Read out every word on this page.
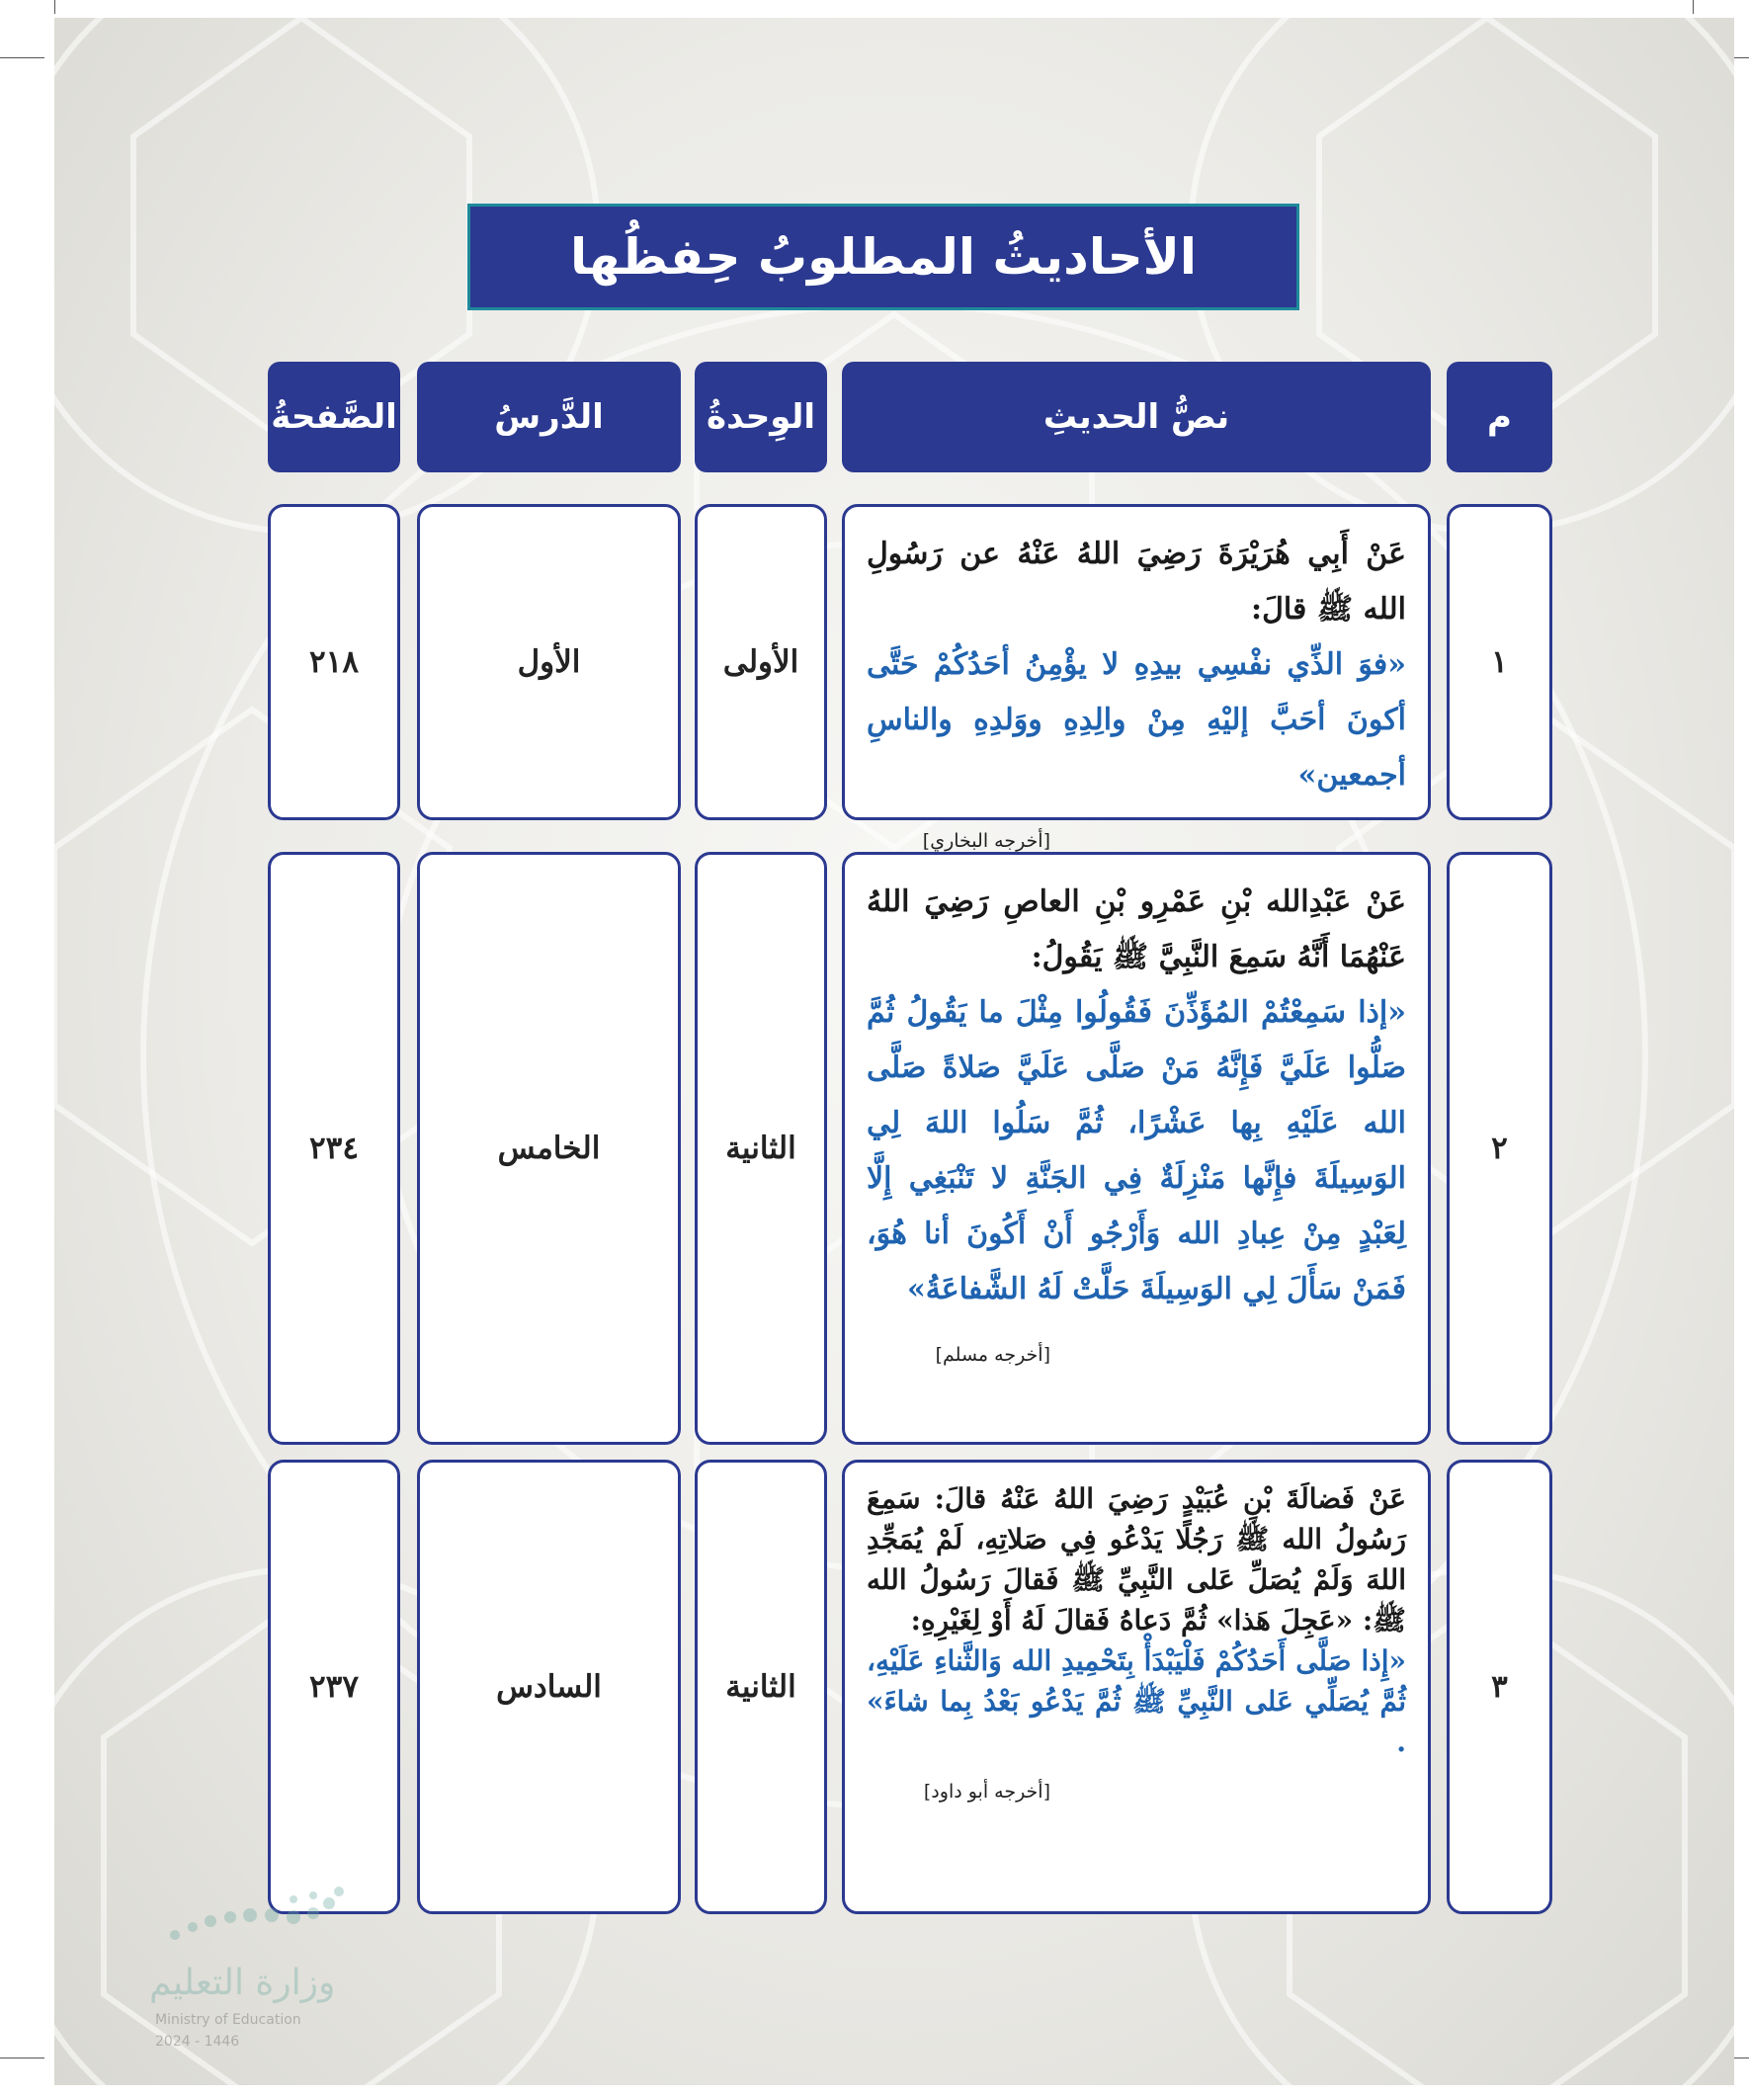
الأحاديثُ المطلوبُ حِفظُها
م
نصُّ الحديثِ
الوِحدةُ
الدَّرسُ
الصَّفحةُ
١

عَنْ أَبِي هُرَيْرَةَ رَضِيَ اللهُ عَنْهُ عن رَسُولِ الله ﷺ قالَ:

«فوَ الذِّي نفْسِي بيدِهِ لا يؤْمِنُ أحَدُكُمْ حَتَّى أكونَ أحَبَّ إليْهِ مِنْ والِدِهِ ووَلدِهِ والناسِ أجمعين»

[أخرجه البخاري]
الأولى
الأول
٢١٨
٢

عَنْ عَبْدِالله بْنِ عَمْرِو بْنِ العاصِ رَضِيَ اللهُ عَنْهُمَا أَنَّهُ سَمِعَ النَّبِيَّ ﷺ يَقُولُ:

«إذا سَمِعْتُمْ المُؤَذِّنَ فَقُولُوا مِثْلَ ما يَقُولُ ثُمَّ صَلُّوا عَلَيَّ فَإِنَّهُ مَنْ صَلَّى عَلَيَّ صَلاةً صَلَّى الله عَلَيْهِ بِها عَشْرًا، ثُمَّ سَلُوا اللهَ لِي الوَسِيلَةَ فإِنَّها مَنْزِلَةٌ فِي الجَنَّةِ لا تَنْبَغِي إِلَّا لِعَبْدٍ مِنْ عِبادِ الله وَأَرْجُو أَنْ أَكُونَ أنا هُوَ، فَمَنْ سَأَلَ لِي الوَسِيلَةَ حَلَّتْ لَهُ الشَّفاعَةُ»

[أخرجه مسلم]
الثانية
الخامس
٢٣٤
٣

عَنْ فَضالَةَ بْنِ عُبَيْدٍ رَضِيَ اللهُ عَنْهُ قالَ: سَمِعَ رَسُولُ الله ﷺ رَجُلًا يَدْعُو فِي صَلاتِهِ، لَمْ يُمَجِّدِ اللهَ وَلَمْ يُصَلِّ عَلى النَّبِيِّ ﷺ فَقالَ رَسُولُ الله ﷺ: «عَجِلَ هَذا» ثُمَّ دَعاهُ فَقالَ لَهُ أَوْ لِغَيْرِهِ:

«إِذا صَلَّى أَحَدُكُمْ فَلْيَبْدَأْ بِتَحْمِيدِ الله وَالثَّناءِ عَلَيْهِ، ثُمَّ يُصَلِّي عَلى النَّبِيِّ ﷺ ثُمَّ يَدْعُو بَعْدُ بِما شاءَ» .

[أخرجه أبو داود]
الثانية
السادس
٢٣٧
وزارة التعليم
Ministry of Education
2024 - 1446
